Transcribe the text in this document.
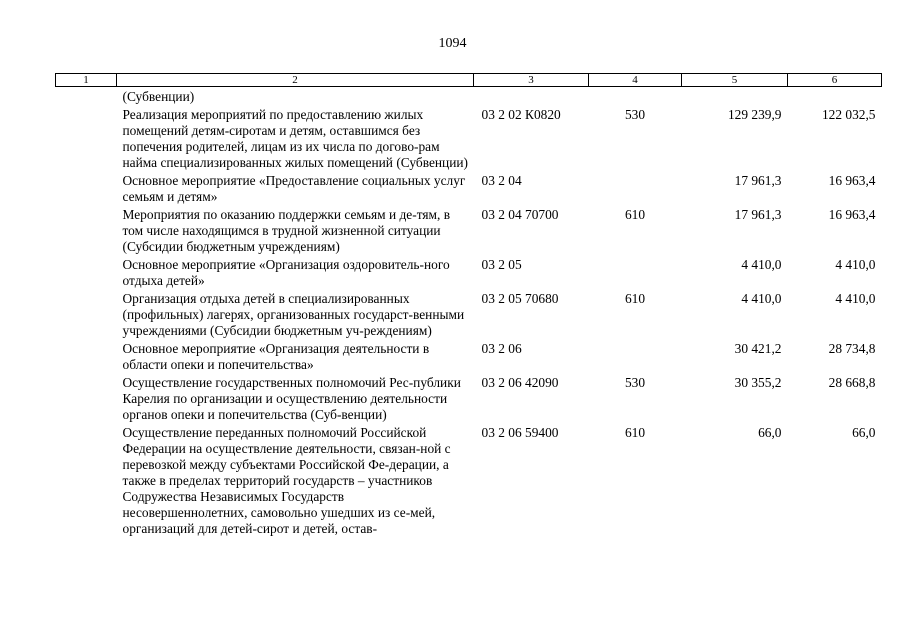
1094
1	2	3	4	5	6
	(Субвенции)				
	Реализация мероприятий по предоставлению жилых помещений детям-сиротам и детям, оставшимся без попечения родителей, лицам из их числа по догово-рам найма специализированных жилых помещений (Субвенции)	03 2 02 К0820	530	129 239,9	122 032,5
	Основное мероприятие «Предоставление социальных услуг семьям и детям»	03 2 04		17 961,3	16 963,4
	Мероприятия по оказанию поддержки семьям и де-тям, в том числе находящимся в трудной жизненной ситуации (Субсидии бюджетным учреждениям)	03 2 04 70700	610	17 961,3	16 963,4
	Основное мероприятие «Организация оздоровитель-ного отдыха детей»	03 2 05		4 410,0	4 410,0
	Организация отдыха детей в специализированных (профильных) лагерях, организованных государст-венными учреждениями (Субсидии бюджетным уч-реждениям)	03 2 05 70680	610	4 410,0	4 410,0
	Основное мероприятие «Организация деятельности в области опеки и попечительства»	03 2 06		30 421,2	28 734,8
	Осуществление государственных полномочий Рес-публики Карелия по организации и осуществлению деятельности органов опеки и попечительства (Суб-венции)	03 2 06 42090	530	30 355,2	28 668,8
	Осуществление переданных полномочий Российской Федерации на осуществление деятельности, связан-ной с перевозкой между субъектами Российской Фе-дерации, а также в пределах территорий государств – участников Содружества Независимых Государств несовершеннолетних, самовольно ушедших из се-мей, организаций для детей-сирот и детей, остав-	03 2 06 59400	610	66,0	66,0
